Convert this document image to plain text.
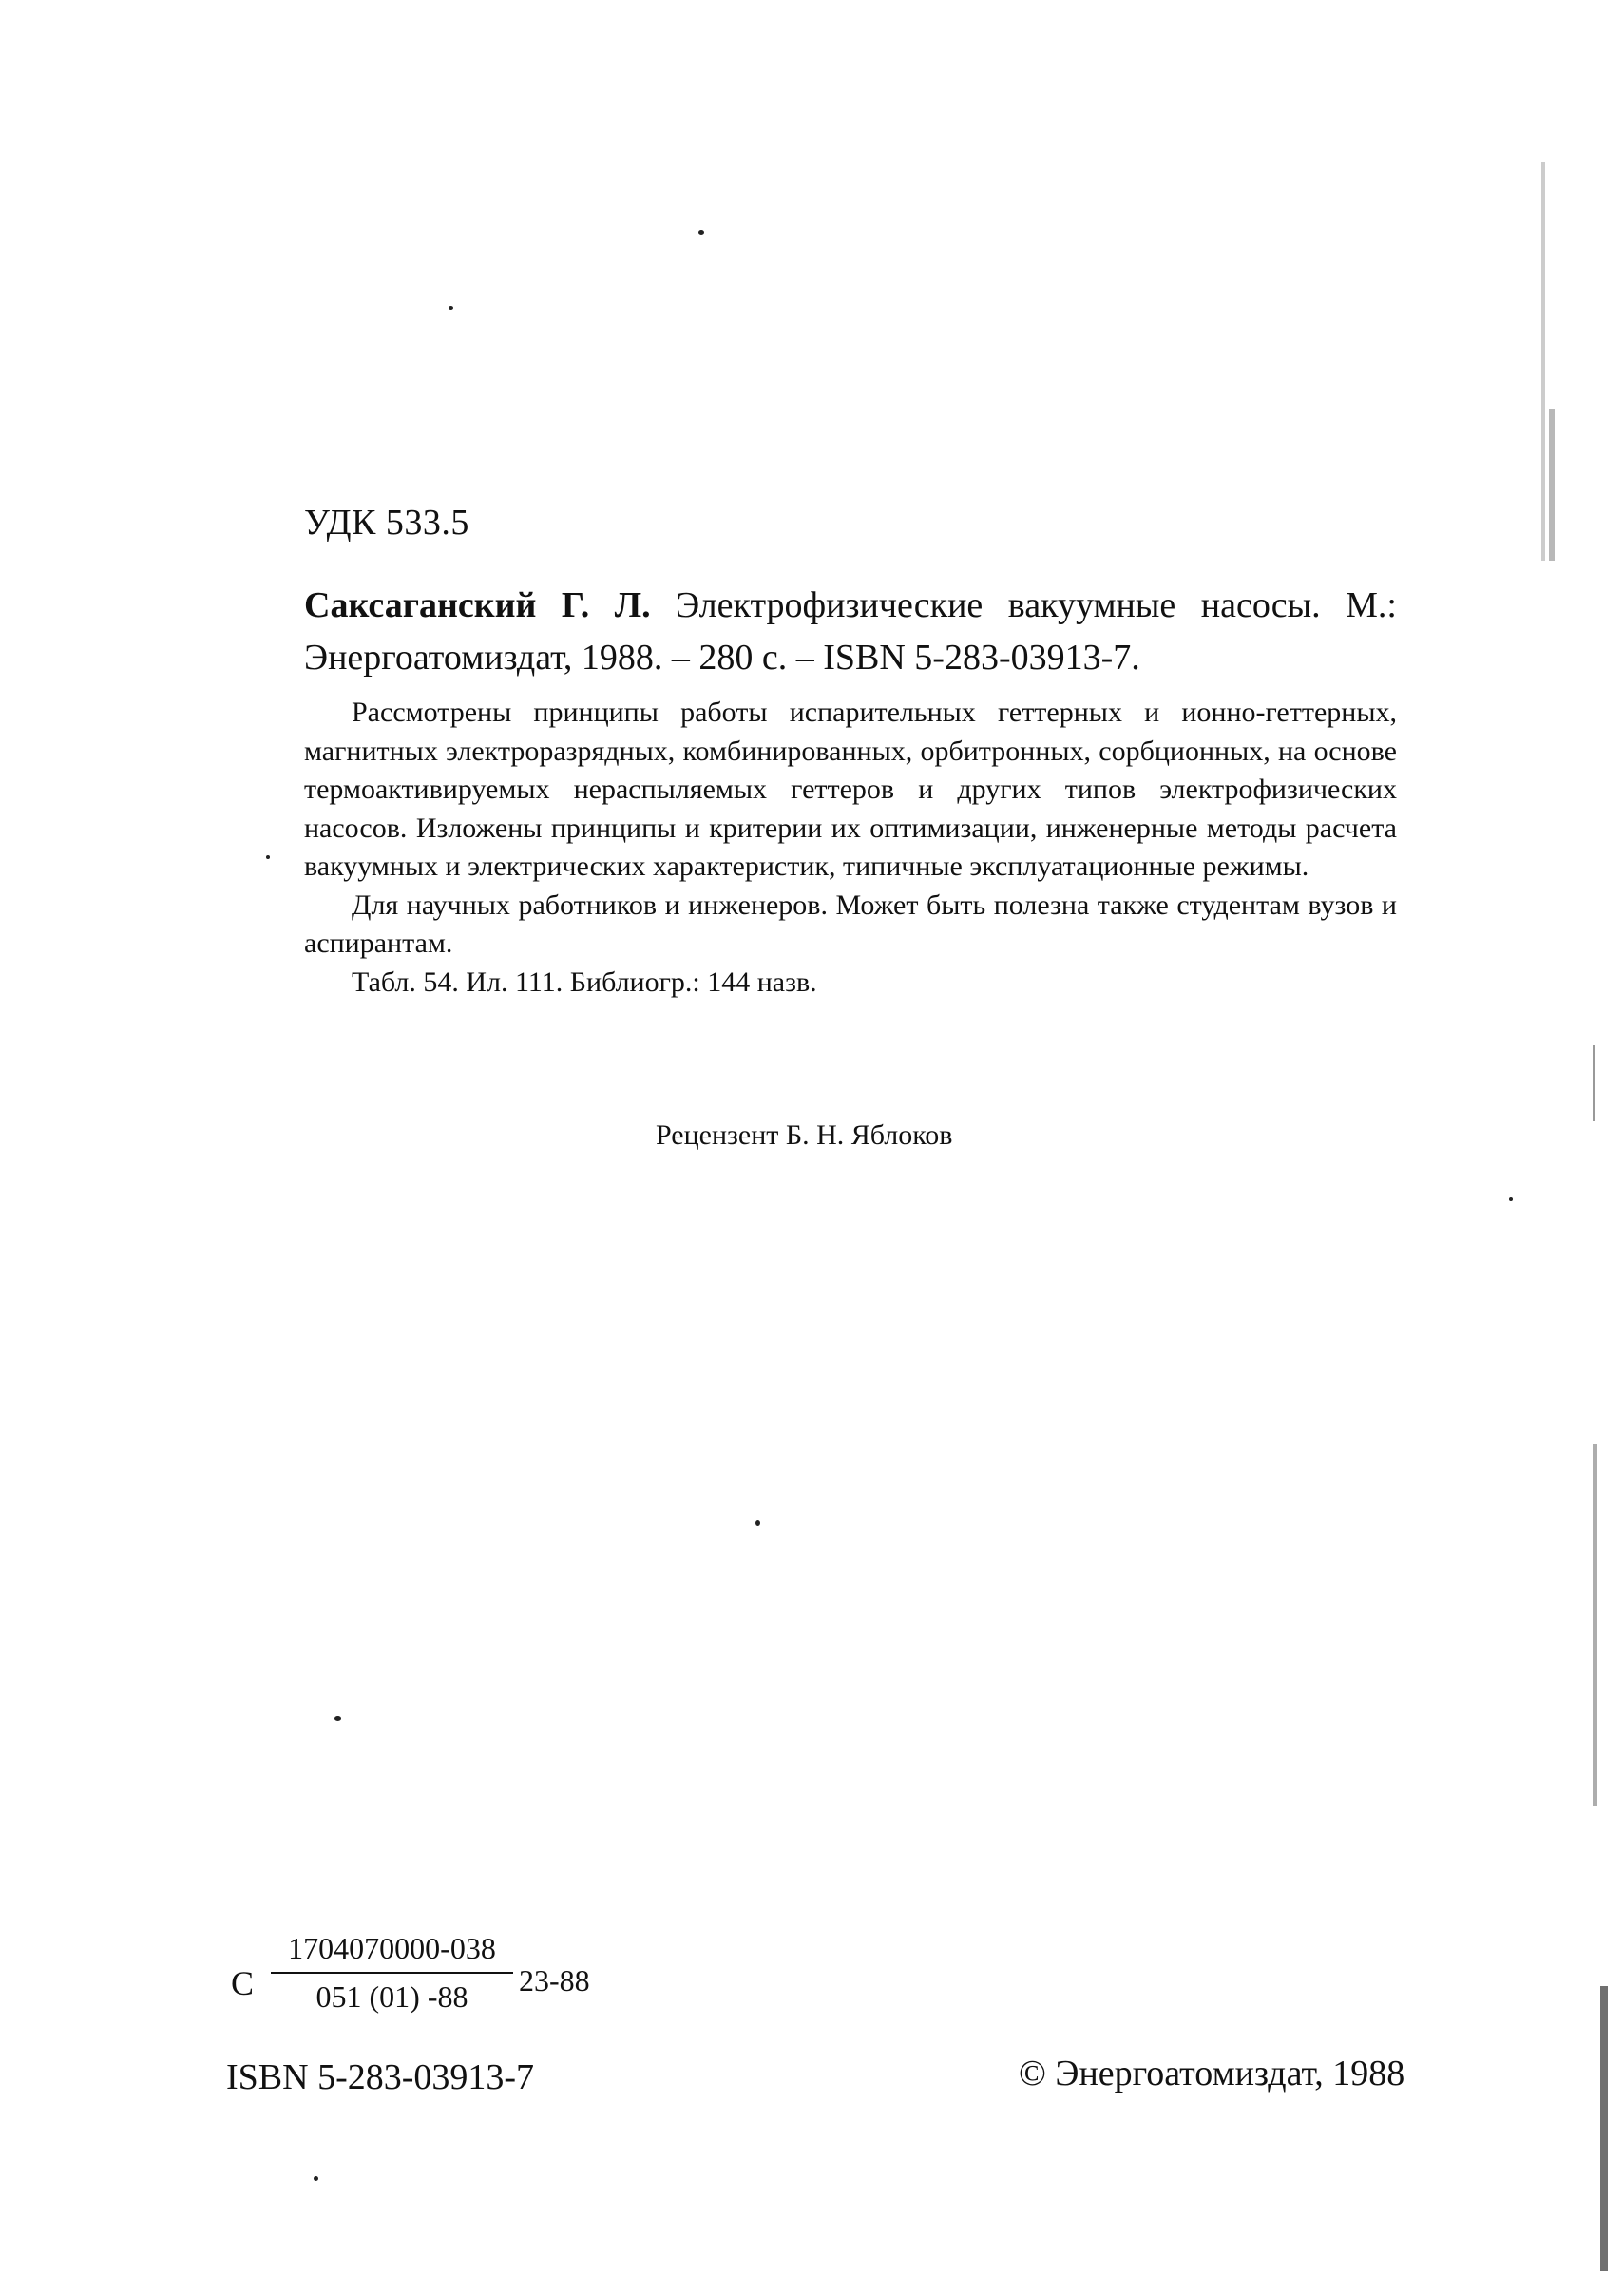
УДК 533.5
Саксаганский Г. Л. Электрофизические вакуумные насосы. М.: Энергоатомиздат, 1988. – 280 с. – ISBN 5-283-03913-7.

Рассмотрены принципы работы испарительных геттерных и ионно-геттерных, магнитных электроразрядных, комбинированных, орбитронных, сорбционных, на основе термоактивируемых нераспыляемых геттеров и других типов электрофизических насосов. Изложены принципы и критерии их оптимизации, инженерные методы расчета вакуумных и электрических характеристик, типичные эксплуатационные режимы.

Для научных работников и инженеров. Может быть полезна также студентам вузов и аспирантам.

Табл. 54. Ил. 111. Библиогр.: 144 назв.

Рецензент Б. Н. Яблоков
С $\frac{1704070000-038}{051 (01) -88} 23-88$
ISBN 5-283-03913-7	© Энергоатомиздат, 1988
